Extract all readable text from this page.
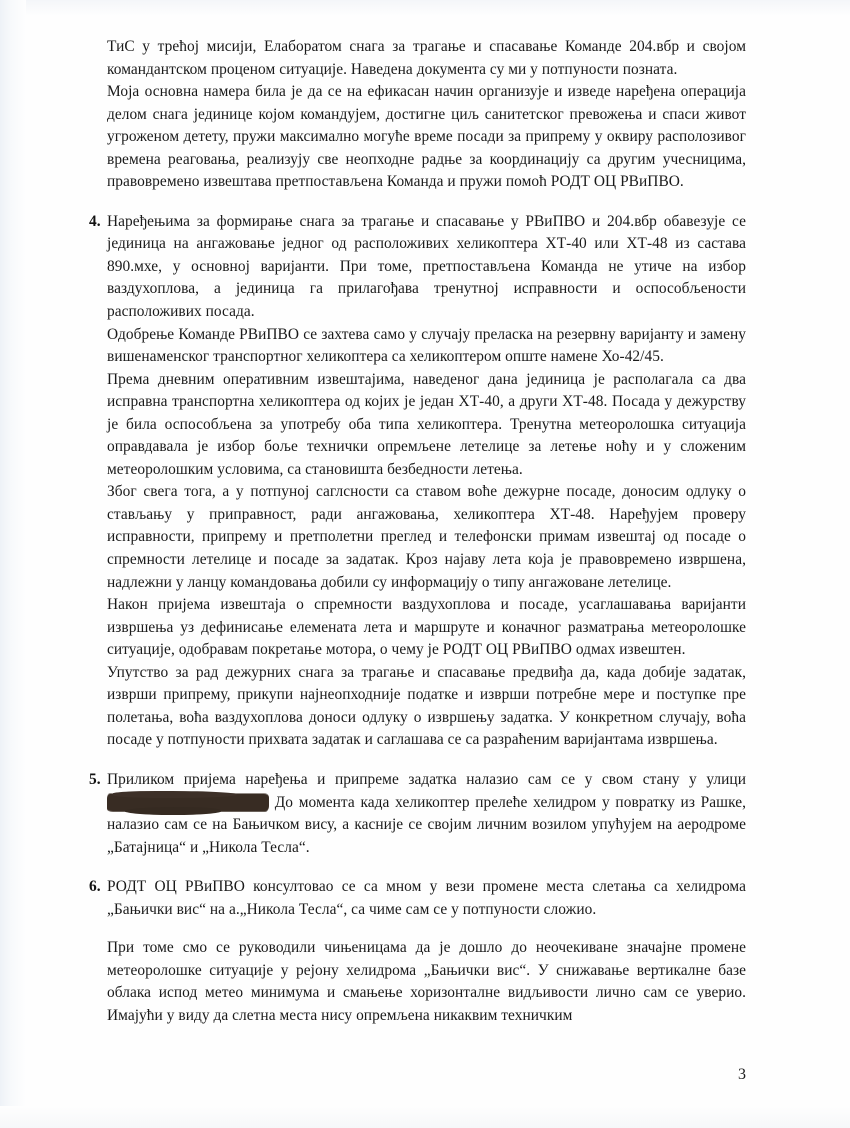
ТиС у трећој мисији, Елаборатом снага за трагање и спасавање Команде 204.вбр и својом командантском проценом ситуације. Наведена документа су ми у потпуности позната.

Моја основна намера била је да се на ефикасан начин организује и изведе наређена операција делом снага јединице којом командујем, достигне циљ санитетског превожења и спаси живот угроженом детету, пружи максимално могуће време посади за припрему у оквиру располозивог времена реаговања, реализују све неопходне радње за координацију са другим учесницима, правовремено извештава претпостављена Команда и пружи помоћ РОДТ ОЦ РВиПВО.

4. Наређењима за формирање снага за трагање и спасавање у РВиПВО и 204.вбр обавезује се јединица на ангажовање једног од расположивих хеликоптера ХТ-40 или ХТ-48 из састава 890.мхе, у основној варијанти. При томе, претпостављена Команда не утиче на избор ваздухоплова, а јединица га прилагођава тренутној исправности и оспособљености расположивих посада.

Одобрење Команде РВиПВО се захтева само у случају преласка на резервну варијанту и замену вишенаменског транспортног хеликоптера са хеликоптером опште намене Хо-42/45.

Према дневним оперативним извештајима, наведеног дана јединица је располагала са два исправна транспортна хеликоптера од којих је један ХТ-40, а други ХТ-48. Посада у дежурству је била оспособљена за употребу оба типа хеликоптера. Тренутна метеоролошка ситуација оправдавала је избор боље технички опремљене летелице за летење ноћу и у сложеним метеоролошким условима, са становишта безбедности летења.

Због свега тога, а у потпуној саглсности са ставом воће дежурне посаде, доносим одлуку о стављању у приправност, ради ангажовања, хеликоптера ХТ-48. Наређујем проверу исправности, припрему и претполетни преглед и телефонски примам извештај од посаде о спремности летелице и посаде за задатак. Кроз најаву лета која је правовремено извршена, надлежни у ланцу командовања добили су информацију о типу ангажоване летелице.

Након пријема извештаја о спремности ваздухоплова и посаде, усаглашавања варијанти извршења уз дефинисање елемената лета и маршруте и коначног разматрања метеоролошке ситуације, одобравам покретање мотора, о чему је РОДТ ОЦ РВиПВО одмах извештен.

Упутство за рад дежурних снага за трагање и спасавање предвиђа да, када добије задатак, изврши припрему, прикупи најнеопходније податке и изврши потребне мере и поступке пре полетања, воћа ваздухоплова доноси одлуку о извршењу задатка. У конкретном случају, воћа посаде у потпуности прихвата задатак и саглашава се са разраћеним варијантама извршења.

5. Приликом пријема наређења и припреме задатка налазио сам се у свом стану у улици
До момента када хеликоптер прелеће хелидром у повратку из Рашке, налазио сам се на Бањичком вису, а касније се својим личним возилом упућујем на аеродроме „Батајница“ и „Никола Тесла“.

6. РОДТ ОЦ РВиПВО консултовао се са мном у вези промене места слетања са хелидрома „Бањички вис“ на а.„Никола Тесла“, са чиме сам се у потпуности сложио.

При томе смо се руководили чињеницама да је дошло до неочекиване значајне промене метеоролошке ситуације у рејону хелидрома „Бањички вис“. У снижавање вертикалне базе облака испод метео минимума и смањење хоризонталне видљивости лично сам се уверио. Имајући у виду да слетна места нису опремљена никаквим техничким

3
